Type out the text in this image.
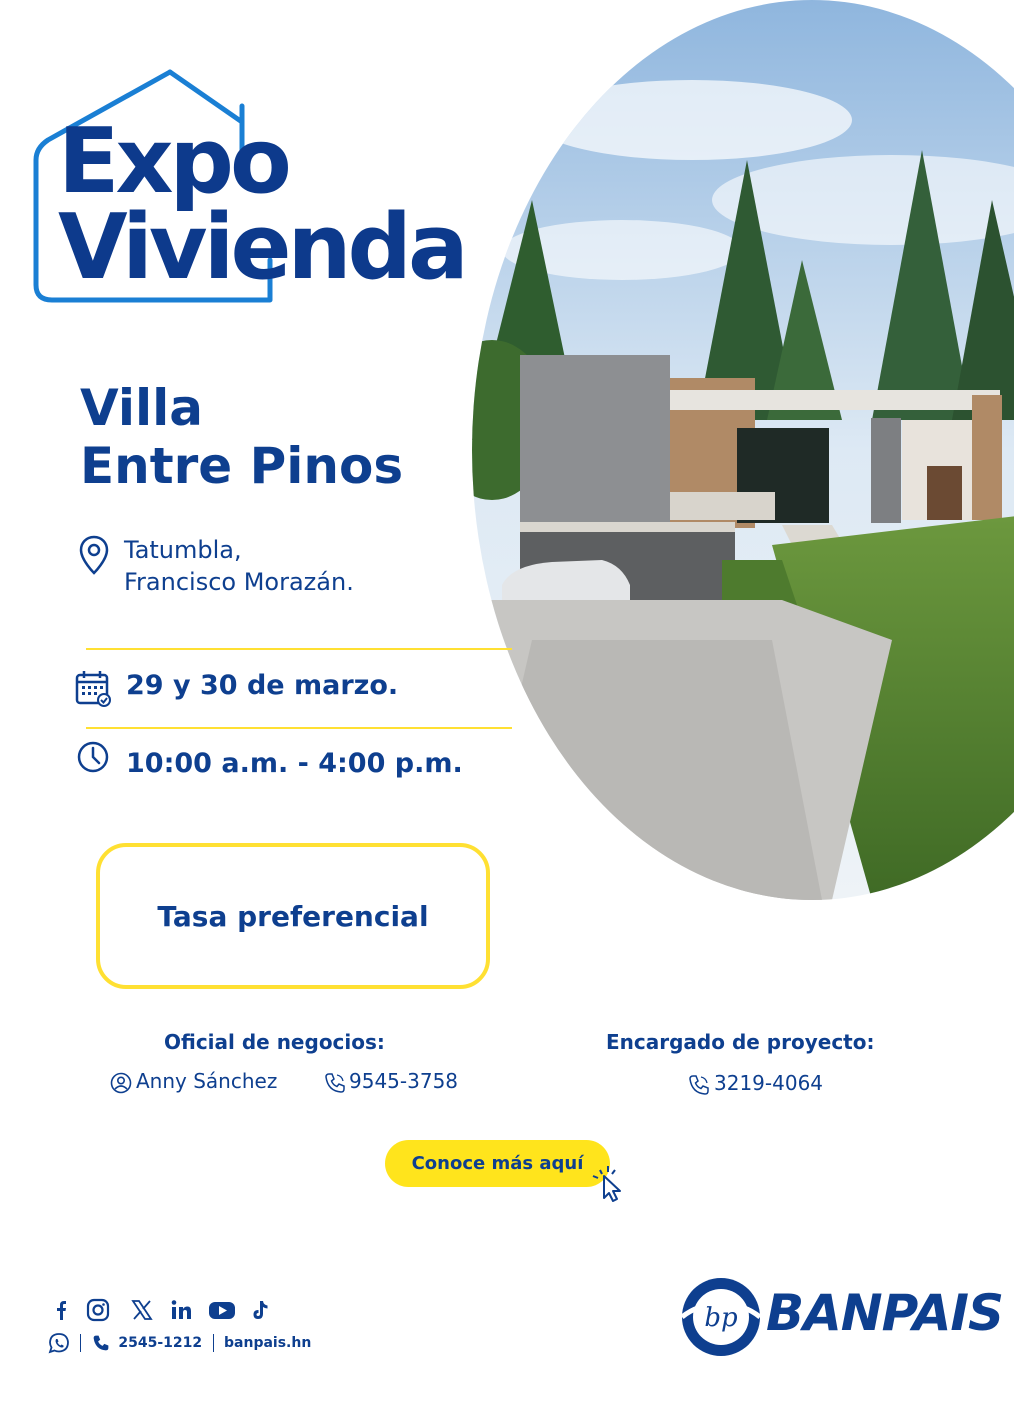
Expo
Vivienda
Villa
Entre Pinos
Tatumbla,
Francisco Morazán.
29 y 30 de marzo.
10:00 a.m. - 4:00 p.m.
Tasa preferencial
Oficial de negocios:	Encargado de proyecto:
Anny Sánchez	9545-3758	3219-4064
Conoce más aquí
2545-1212 banpais.hn
bp BANPAIS
